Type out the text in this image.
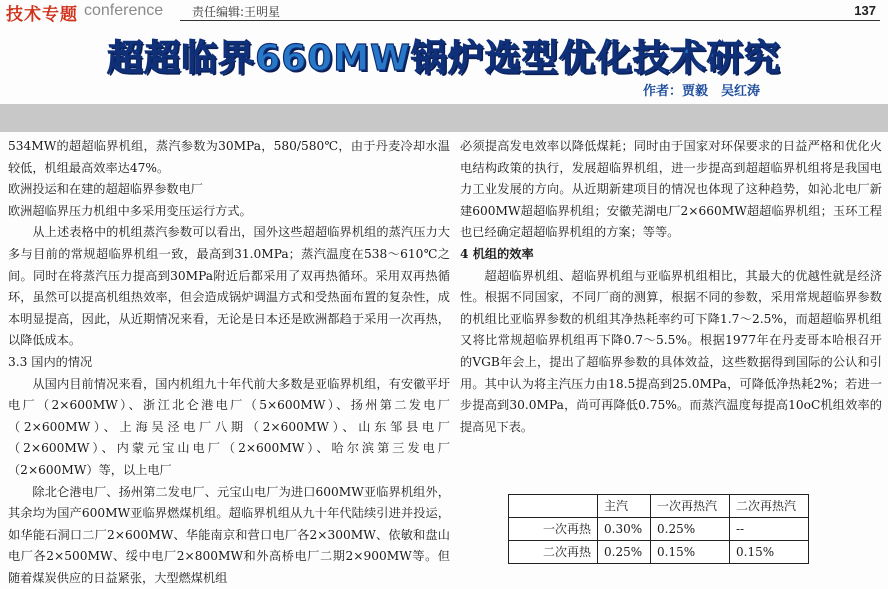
技术专题 conference 责任编辑:王明星	137
超超临界660MW锅炉选型优化技术研究
作者：贾毅　吴红涛

534MW的超超临界机组，蒸汽参数为30MPa，580/580℃，由于丹麦冷却水温较低，机组最高效率达47%。

欧洲投运和在建的超超临界参数电厂

欧洲超临界压力机组中多采用变压运行方式。

从上述表格中的机组蒸汽参数可以看出，国外这些超超临界机组的蒸汽压力大多与目前的常规超临界机组一致，最高到31.0MPa；蒸汽温度在538～610℃之间。同时在将蒸汽压力提高到30MPa附近后都采用了双再热循环。采用双再热循环，虽然可以提高机组热效率，但会造成锅炉调温方式和受热面布置的复杂性，成本明显提高，因此，从近期情况来看，无论是日本还是欧洲都趋于采用一次再热，以降低成本。

3.3 国内的情况

从国内目前情况来看，国内机组九十年代前大多数是亚临界机组，有安徽平圩电厂（2×600MW）、浙江北仑港电厂（5×600MW）、扬州第二发电厂（2×600MW）、上海吴泾电厂八期（2×600MW）、山东邹县电厂（2×600MW）、内蒙元宝山电厂（2×600MW）、哈尔滨第三发电厂（2×600MW）等，以上电厂

除北仑港电厂、扬州第二发电厂、元宝山电厂为进口600MW亚临界机组外，其余均为国产600MW亚临界燃煤机组。超临界机组从九十年代陆续引进并投运，如华能石洞口二厂2×600MW、华能南京和营口电厂各2×300MW、依敏和盘山电厂各2×500MW、绥中电厂2×800MW和外高桥电厂二期2×900MW等。但随着煤炭供应的日益紧张，大型燃煤机组

必须提高发电效率以降低煤耗；同时由于国家对环保要求的日益严格和优化火电结构政策的执行，发展超临界机组，进一步提高到超超临界机组将是我国电力工业发展的方向。从近期新建项目的情况也体现了这种趋势，如沁北电厂新建600MW超超临界机组；安徽芜湖电厂2×660MW超超临界机组；玉环工程也已经确定超超临界机组的方案；等等。

4 机组的效率

超超临界机组、超临界机组与亚临界机组相比，其最大的优越性就是经济性。根据不同国家，不同厂商的测算，根据不同的参数，采用常规超临界参数的机组比亚临界参数的机组其净热耗率约可下降1.7～2.5%，而超超临界机组又将比常规超临界机组再下降0.7～5.5%。根据1977年在丹麦哥本哈根召开的VGB年会上，提出了超临界参数的具体效益，这些数据得到国际的公认和引用。其中认为将主汽压力由18.5提高到25.0MPa，可降低净热耗2%；若进一步提高到30.0MPa，尚可再降低0.75%。而蒸汽温度每提高10oC机组效率的提高见下表。

	主汽	一次再热汽	二次再热汽
一次再热	0.30%	0.25%	--
二次再热	0.25%	0.15%	0.15%
